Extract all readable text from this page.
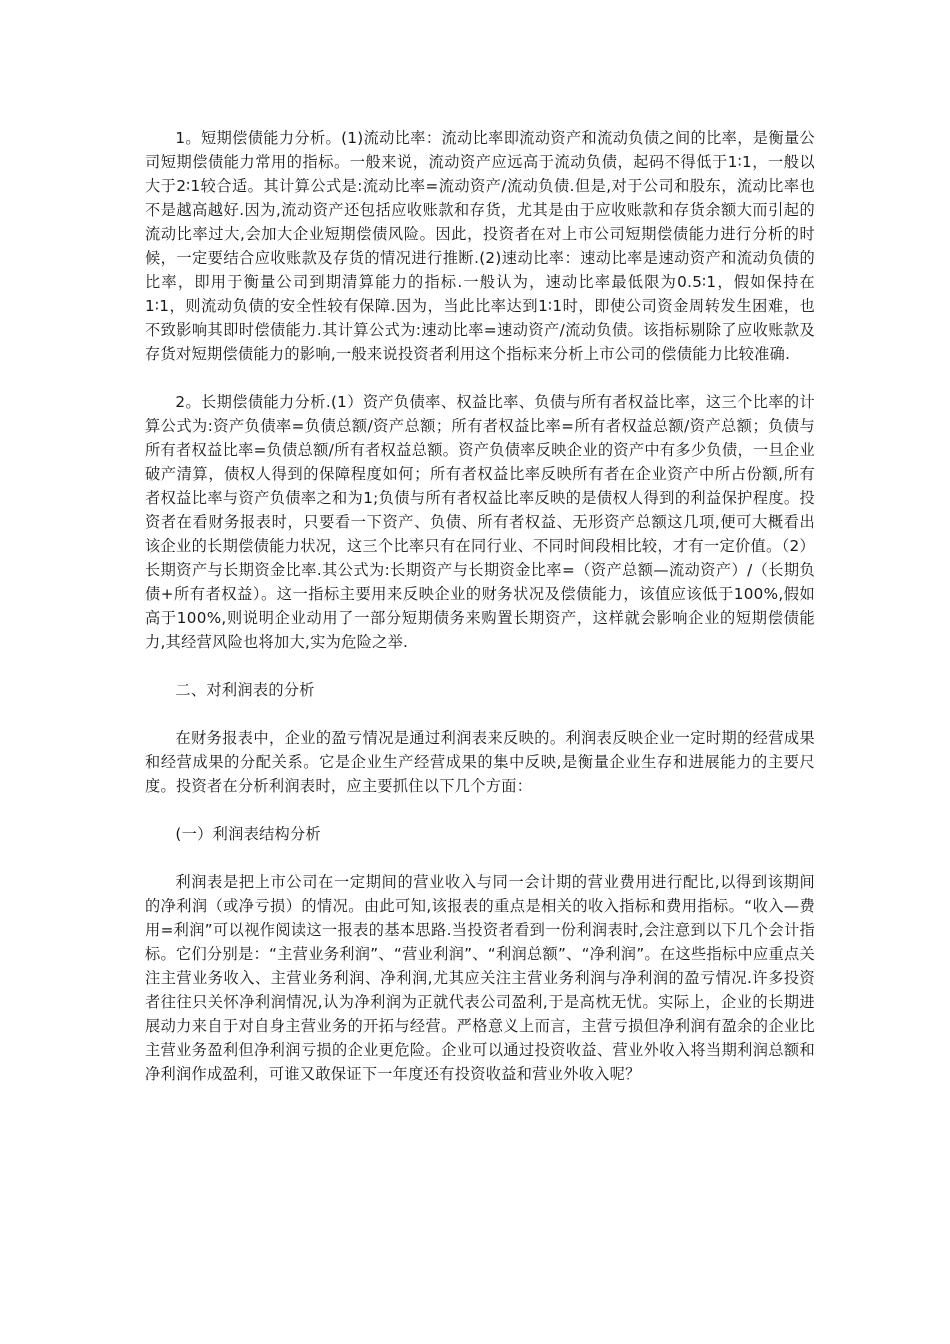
1。短期偿债能力分析。(1)流动比率：流动比率即流动资产和流动负债之间的比率，是衡量公司短期偿债能力常用的指标。一般来说，流动资产应远高于流动负债，起码不得低于1∶1，一般以大于2∶1较合适。其计算公式是:流动比率=流动资产/流动负债.但是,对于公司和股东，流动比率也不是越高越好.因为,流动资产还包括应收账款和存货，尤其是由于应收账款和存货余额大而引起的流动比率过大,会加大企业短期偿债风险。因此，投资者在对上市公司短期偿债能力进行分析的时候，一定要结合应收账款及存货的情况进行推断.(2)速动比率：速动比率是速动资产和流动负债的比率，即用于衡量公司到期清算能力的指标.一般认为，速动比率最低限为0.5∶1，假如保持在1∶1，则流动负债的安全性较有保障.因为，当此比率达到1∶1时，即使公司资金周转发生困难，也不致影响其即时偿债能力.其计算公式为:速动比率=速动资产/流动负债。该指标剔除了应收账款及存货对短期偿债能力的影响,一般来说投资者利用这个指标来分析上市公司的偿债能力比较准确.

2。长期偿债能力分析.(1）资产负债率、权益比率、负债与所有者权益比率，这三个比率的计算公式为:资产负债率=负债总额/资产总额；所有者权益比率=所有者权益总额/资产总额；负债与所有者权益比率=负债总额/所有者权益总额。资产负债率反映企业的资产中有多少负债，一旦企业破产清算，债权人得到的保障程度如何；所有者权益比率反映所有者在企业资产中所占份额,所有者权益比率与资产负债率之和为1;负债与所有者权益比率反映的是债权人得到的利益保护程度。投资者在看财务报表时，只要看一下资产、负债、所有者权益、无形资产总额这几项,便可大概看出该企业的长期偿债能力状况，这三个比率只有在同行业、不同时间段相比较，才有一定价值。（2）长期资产与长期资金比率.其公式为:长期资产与长期资金比率=（资产总额—流动资产）/（长期负债+所有者权益）。这一指标主要用来反映企业的财务状况及偿债能力，该值应该低于100%,假如高于100%,则说明企业动用了一部分短期债务来购置长期资产，这样就会影响企业的短期偿债能力,其经营风险也将加大,实为危险之举.

二、对利润表的分析

在财务报表中，企业的盈亏情况是通过利润表来反映的。利润表反映企业一定时期的经营成果和经营成果的分配关系。它是企业生产经营成果的集中反映,是衡量企业生存和进展能力的主要尺度。投资者在分析利润表时，应主要抓住以下几个方面：

(一）利润表结构分析

利润表是把上市公司在一定期间的营业收入与同一会计期的营业费用进行配比,以得到该期间的净利润（或净亏损）的情况。由此可知,该报表的重点是相关的收入指标和费用指标。“收入—费用=利润”可以视作阅读这一报表的基本思路.当投资者看到一份利润表时,会注意到以下几个会计指标。它们分别是：“主营业务利润”、“营业利润”、“利润总额”、“净利润”。在这些指标中应重点关注主营业务收入、主营业务利润、净利润,尤其应关注主营业务利润与净利润的盈亏情况.许多投资者往往只关怀净利润情况,认为净利润为正就代表公司盈利,于是高枕无忧。实际上，企业的长期进展动力来自于对自身主营业务的开拓与经营。严格意义上而言，主营亏损但净利润有盈余的企业比主营业务盈利但净利润亏损的企业更危险。企业可以通过投资收益、营业外收入将当期利润总额和净利润作成盈利，可谁又敢保证下一年度还有投资收益和营业外收入呢？
